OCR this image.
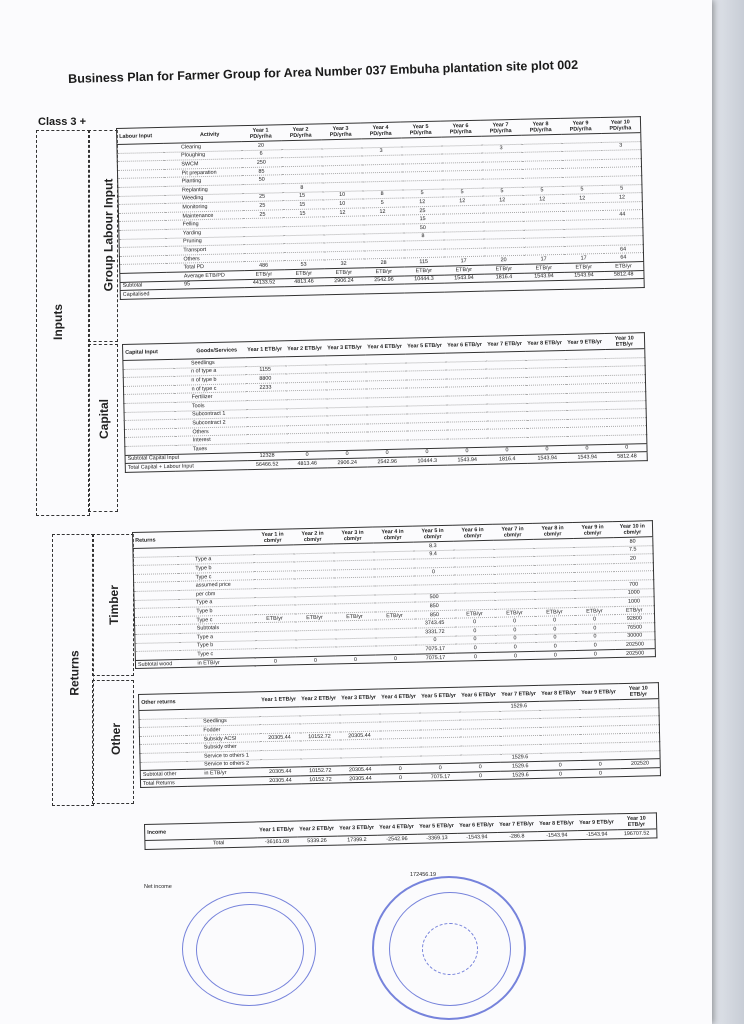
Business Plan for Farmer Group for Area Number 037 Embuha plantation site plot 002
Class 3 +
Inputs
Group Labour Input
Capital
Returns
Timber
Other
Labour Input	Activity	Year 1 PD/yr/ha	Year 2 PD/yr/ha	Year 3 PD/yr/ha	Year 4 PD/yr/ha	Year 5 PD/yr/ha	Year 6 PD/yr/ha	Year 7 PD/yr/ha	Year 8 PD/yr/ha	Year 9 PD/yr/ha	Year 10 PD/yr/ha
	Clearing	20									
	Ploughing	6			3			3			3
	SWCM	250									
	Pit preparation	85									
	Planting	50									
	Replanting		8								
	Weeding	25	15	10	8	5	5	5	5	5	5
	Monitoring	25	15	10	5	12	12	12	12	12	12
	Maintenance	25	15	12	12	25					
	Felling					15					44
	Yarding					50					
	Pruning					8					
	Transport										
	Others										64
	Total PD	486	53	32	28	115	17	20	17	17	64
	Average ETB/PD	ETB/yr	ETB/yr	ETB/yr	ETB/yr	ETB/yr	ETB/yr	ETB/yr	ETB/yr	ETB/yr	ETB/yr
Subtotal	95	44133.52	4813.46	2906.24	2542.96	10444.3	1543.94	1816.4	1543.94	1543.94	5812.48
Capitalised											
Capital Input	Goods/Services	Year 1 ETB/yr	Year 2 ETB/yr	Year 3 ETB/yr	Year 4 ETB/yr	Year 5 ETB/yr	Year 6 ETB/yr	Year 7 ETB/yr	Year 8 ETB/yr	Year 9 ETB/yr	Year 10 ETB/yr
	Seedlings										
	n of type a	1155									
	n of type b	8800									
	n of type c	2233									
	Fertilizer										
	Tools										
	Subcontract 1										
	Subcontract 2										
	Others										
	Interest										
	Taxes										
Subtotal Capital Input		12328	0	0	0	0	0	0	0	0	0
Total Capital + Labour Input		56466.52	4813.46	2906.24	2542.96	10444.3	1543.94	1816.4	1543.94	1543.94	5812.48
Returns		Year 1 in cbm/yr	Year 2 in cbm/yr	Year 3 in cbm/yr	Year 4 in cbm/yr	Year 5 in cbm/yr	Year 6 in cbm/yr	Year 7 in cbm/yr	Year 8 in cbm/yr	Year 9 in cbm/yr	Year 10 in cbm/yr
						8.3					80
	Type a					9.4					7.5
	Type b										20
	Type c					0					
	assumed price										
	per cbm										700
	Type a					500					1000
	Type b					850					1000
	Type c	ETB/yr	ETB/yr	ETB/yr	ETB/yr	850	ETB/yr	ETB/yr	ETB/yr	ETB/yr	ETB/yr
	Subtotals					3743.45	0	0	0	0	92800
	Type a					3331.72	0	0	0	0	76500
	Type b					0	0	0	0	0	30000
	Type c					7075.17	0	0	0	0	202500
Subtotal wood	in ETB/yr	0	0	0	0	7075.17	0	0	0	0	202500
Other returns		Year 1 ETB/yr	Year 2 ETB/yr	Year 3 ETB/yr	Year 4 ETB/yr	Year 5 ETB/yr	Year 6 ETB/yr	Year 7 ETB/yr	Year 8 ETB/yr	Year 9 ETB/yr	Year 10 ETB/yr
								1529.6			
	Seedlings										
	Fodder										
	Subsidy ACSI	20305.44	10152.72	20305.44							
	Subsidy other										
	Service to others 1										
	Service to others 2							1529.6			
Subtotal other	in ETB/yr	20305.44	10152.72	20305.44	0	0	0	1529.6	0	0	202520
Total Returns		20305.44	10152.72	20305.44	0	7075.17	0	1529.6	0	0	
Income		Year 1 ETB/yr	Year 2 ETB/yr	Year 3 ETB/yr	Year 4 ETB/yr	Year 5 ETB/yr	Year 6 ETB/yr	Year 7 ETB/yr	Year 8 ETB/yr	Year 9 ETB/yr	Year 10 ETB/yr
	Total	-36161.08	5339.26	17399.2	-2542.96	-3369.13	-1543.94	-286.8	-1543.94	-1543.94	196707.52
172456.19
Net income
